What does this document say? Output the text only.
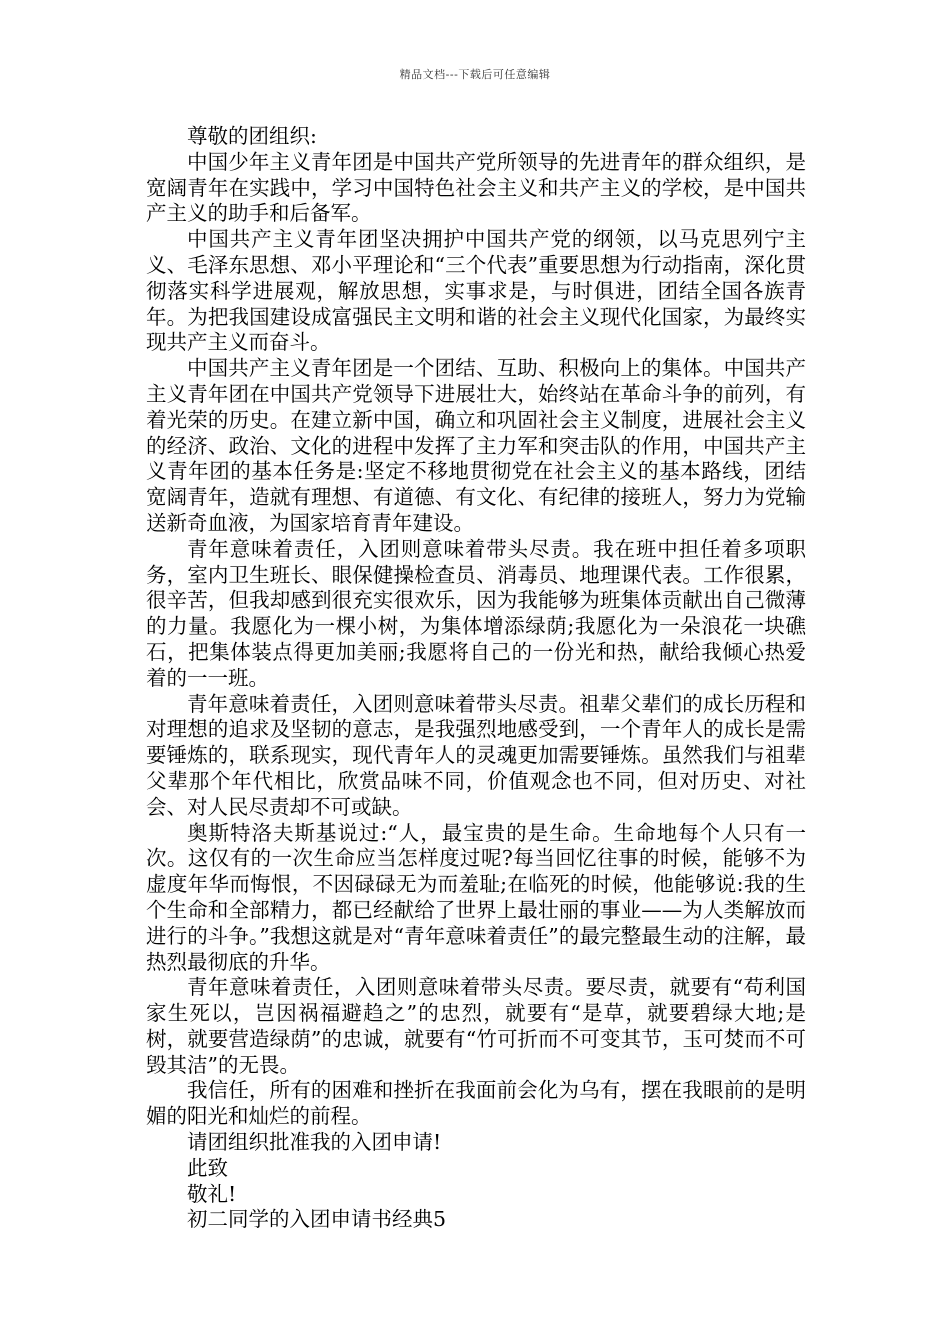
精品文档---下载后可任意编辑

尊敬的团组织:

中国少年主义青年团是中国共产党所领导的先进青年的群众组织，是宽阔青年在实践中，学习中国特色社会主义和共产主义的学校，是中国共产主义的助手和后备军。

中国共产主义青年团坚决拥护中国共产党的纲领，以马克思列宁主义、毛泽东思想、邓小平理论和“三个代表”重要思想为行动指南，深化贯彻落实科学进展观，解放思想，实事求是，与时俱进，团结全国各族青年。为把我国建设成富强民主文明和谐的社会主义现代化国家，为最终实现共产主义而奋斗。

中国共产主义青年团是一个团结、互助、积极向上的集体。中国共产主义青年团在中国共产党领导下进展壮大，始终站在革命斗争的前列，有着光荣的历史。在建立新中国，确立和巩固社会主义制度，进展社会主义的经济、政治、文化的进程中发挥了主力军和突击队的作用，中国共产主义青年团的基本任务是:坚定不移地贯彻党在社会主义的基本路线，团结宽阔青年，造就有理想、有道德、有文化、有纪律的接班人，努力为党输送新奇血液，为国家培育青年建设。

青年意味着责任，入团则意味着带头尽责。我在班中担任着多项职务，室内卫生班长、眼保健操检查员、消毒员、地理课代表。工作很累，很辛苦，但我却感到很充实很欢乐，因为我能够为班集体贡献出自己微薄的力量。我愿化为一棵小树，为集体增添绿荫;我愿化为一朵浪花一块礁石，把集体装点得更加美丽;我愿将自己的一份光和热，献给我倾心热爱着的一一班。

青年意味着责任，入团则意味着带头尽责。祖辈父辈们的成长历程和对理想的追求及坚韧的意志，是我强烈地感受到，一个青年人的成长是需要锤炼的，联系现实，现代青年人的灵魂更加需要锤炼。虽然我们与祖辈父辈那个年代相比，欣赏品味不同，价值观念也不同，但对历史、对社会、对人民尽责却不可或缺。

奥斯特洛夫斯基说过:“人，最宝贵的是生命。生命地每个人只有一次。这仅有的一次生命应当怎样度过呢?每当回忆往事的时候，能够不为虚度年华而悔恨，不因碌碌无为而羞耻;在临死的时候，他能够说:我的生个生命和全部精力，都已经献给了世界上最壮丽的事业——为人类解放而进行的斗争。”我想这就是对“青年意味着责任”的最完整最生动的注解，最热烈最彻底的升华。

青年意味着责任，入团则意味着带头尽责。要尽责，就要有“苟利国家生死以，岂因祸福避趋之”的忠烈，就要有“是草，就要碧绿大地;是树，就要营造绿荫”的忠诚，就要有“竹可折而不可变其节，玉可焚而不可毁其洁”的无畏。

我信任，所有的困难和挫折在我面前会化为乌有，摆在我眼前的是明媚的阳光和灿烂的前程。

请团组织批准我的入团申请!

此致

敬礼!

初二同学的入团申请书经典5
